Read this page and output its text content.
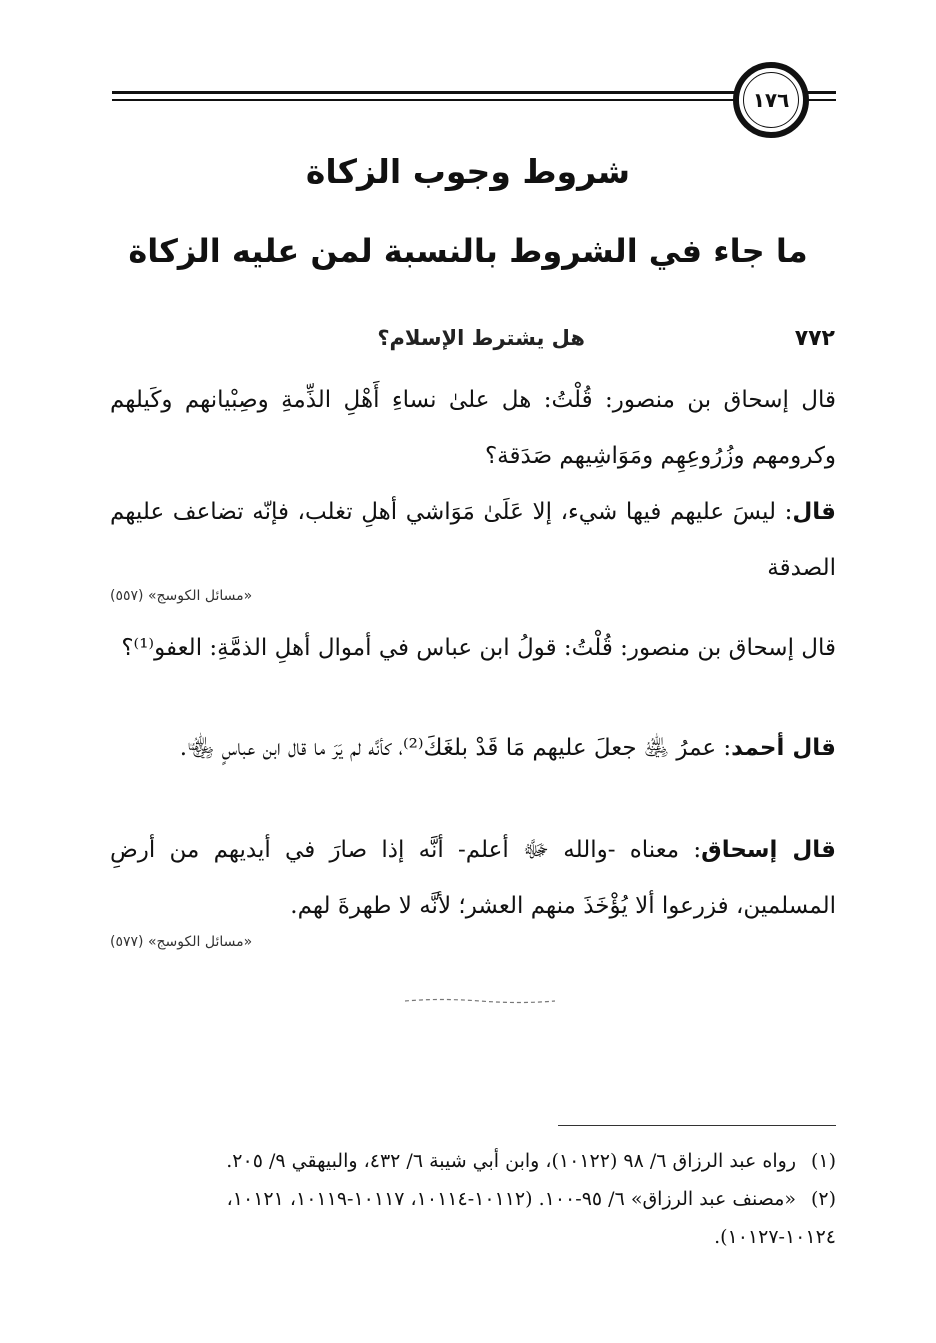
١٧٦
شروط وجوب الزكاة
ما جاء في الشروط بالنسبة لمن عليه الزكاة
٧٧٢
هل يشترط الإسلام؟
قال إسحاق بن منصور: قُلْتُ: هل علىٰ نساءِ أَهْلِ الذِّمةِ وصِبْيانهم وكَيلهم وكرومهم وزُرُوعِهِم ومَوَاشِيهم صَدَقة؟
قال: ليسَ عليهم فيها شيء، إلا عَلَىٰ مَوَاشي أهلِ تغلب، فإنّه تضاعف عليهم الصدقة
«مسائل الكوسج» (٥٥٧)
قال إسحاق بن منصور: قُلْتُ: قولُ ابن عباس في أموال أهلِ الذمَّةِ: العفو⁽¹⁾؟
قال أحمد: عمرُ ﵁ جعلَ عليهم مَا قَدْ بلغَكَ⁽²⁾، كأنَّه لم يَرَ ما قال ابن عباسٍ ﵄.
قال إسحاق: معناه -والله ﷻ أعلم- أنَّه إذا صارَ في أيديهم من أرضِ المسلمين، فزرعوا ألا يُؤْخَذَ منهم العشر؛ لأنَّه لا طهرةَ لهم.
«مسائل الكوسج» (٥٧٧)
(١)رواه عبد الرزاق ٦/ ٩٨ (١٠١٢٢)، وابن أبي شيبة ٦/ ٤٣٢، والبيهقي ٩/ ٢٠٥.
(٢)«مصنف عبد الرزاق» ٦/ ٩٥-١٠٠. (١٠١١٢-١٠١١٤، ١٠١١٧-١٠١١٩، ١٠١٢١، ١٠١٢٤-١٠١٢٧).
